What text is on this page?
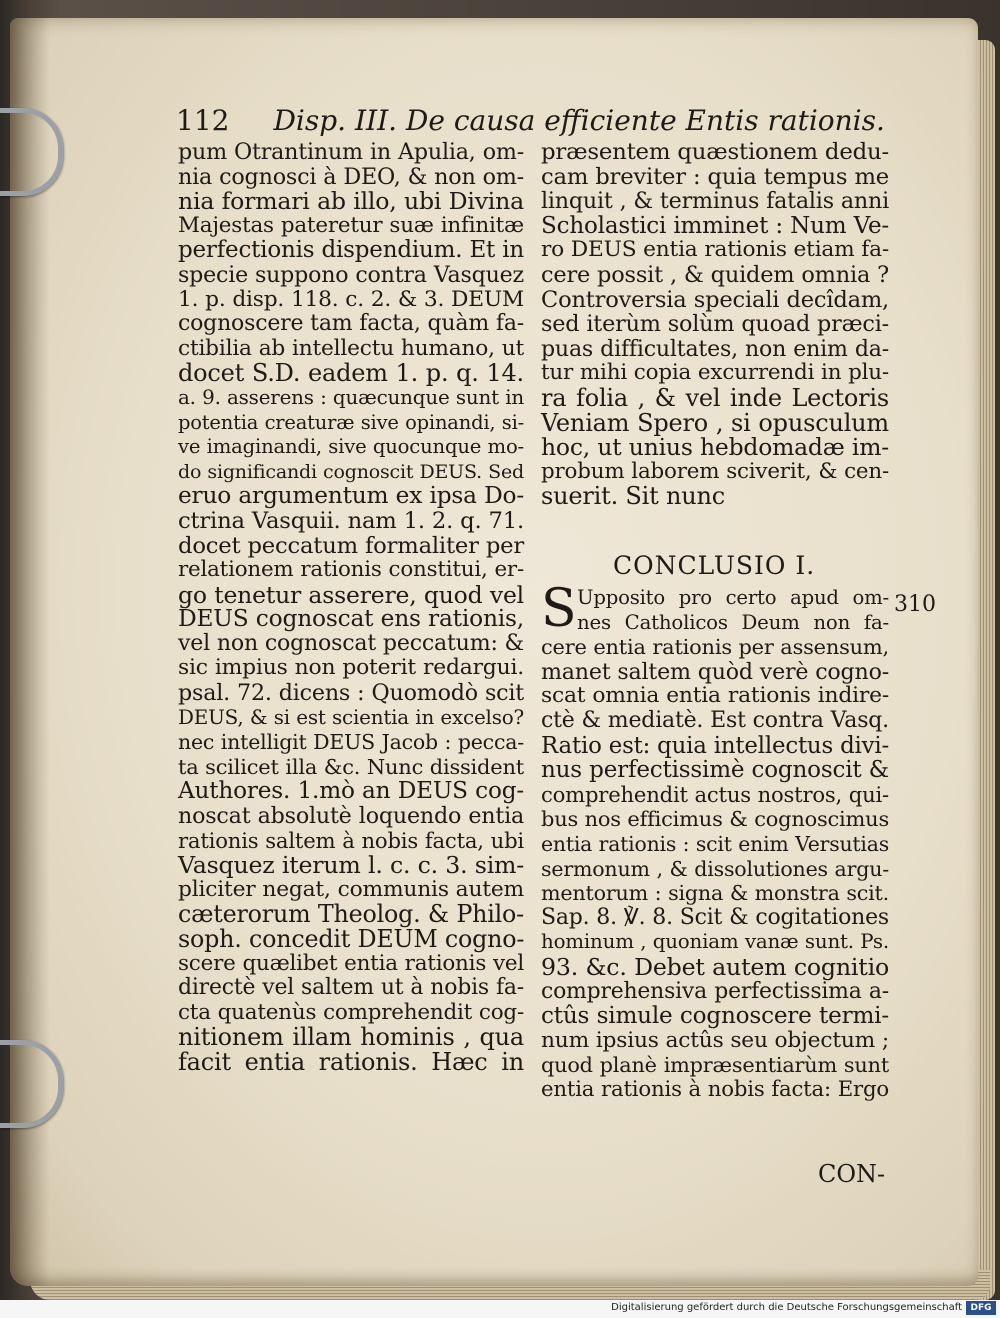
112 Disp. III. De causa efficiente Entis rationis.
pum Otrantinum in Apulia, om-
nia cognosci à DEO, & non om-
nia formari ab illo, ubi Divina
Majestas pateretur suæ infinitæ
perfectionis dispendium. Et in
specie suppono contra Vasquez
1. p. disp. 118. c. 2. & 3. DEUM
cognoscere tam facta, quàm fa-
ctibilia ab intellectu humano, ut
docet S.D. eadem 1. p. q. 14.
a. 9. asserens : quæcunque sunt in
potentia creaturæ sive opinandi, si-
ve imaginandi, sive quocunque mo-
do significandi cognoscit DEUS. Sed
eruo argumentum ex ipsa Do-
ctrina Vasquii. nam 1. 2. q. 71.
docet peccatum formaliter per
relationem rationis constitui, er-
go tenetur asserere, quod vel
DEUS cognoscat ens rationis,
vel non cognoscat peccatum: &
sic impius non poterit redargui.
psal. 72. dicens : Quomodò scit
DEUS, & si est scientia in excelso?
nec intelligit DEUS Jacob : pecca-
ta scilicet illa &c. Nunc dissident
Authores. 1.mò an DEUS cog-
noscat absolutè loquendo entia
rationis saltem à nobis facta, ubi
Vasquez iterum l. c. c. 3. sim-
pliciter negat, communis autem
cæterorum Theolog. & Philo-
soph. concedit DEUM cogno-
scere quælibet entia rationis vel
directè vel saltem ut à nobis fa-
cta quatenùs comprehendit cog-
nitionem illam hominis , qua
facit entia rationis. Hæc in
præsentem quæstionem dedu-
cam breviter : quia tempus me
linquit , & terminus fatalis anni
Scholastici imminet : Num Ve-
ro DEUS entia rationis etiam fa-
cere possit , & quidem omnia ?
Controversia speciali decîdam,
sed iterùm solùm quoad præci-
puas difficultates, non enim da-
tur mihi copia excurrendi in plu-
ra folia , & vel inde Lectoris
Veniam Spero , si opusculum
hoc, ut unius hebdomadæ im-
probum laborem sciverit, & cen-
suerit. Sit nunc
CONCLUSIO I.
S	310
Upposito pro certo apud om-
nes Catholicos Deum non fa-
cere entia rationis per assensum,
manet saltem quòd verè cogno-
scat omnia entia rationis indire-
ctè & mediatè. Est contra Vasq.
Ratio est: quia intellectus divi-
nus perfectissimè cognoscit &
comprehendit actus nostros, qui-
bus nos efficimus & cognoscimus
entia rationis : scit enim Versutias
sermonum , & dissolutiones argu-
mentorum : signa & monstra scit.
Sap. 8. ℣. 8. Scit & cogitationes
hominum , quoniam vanæ sunt. Ps.
93. &c. Debet autem cognitio
comprehensiva perfectissima a-
ctûs simule cognoscere termi-
num ipsius actûs seu objectum ;
quod planè impræsentiarùm sunt
entia rationis à nobis facta: Ergo
CON-
Digitalisierung gefördert durch die Deutsche Forschungsgemeinschaft DFG
